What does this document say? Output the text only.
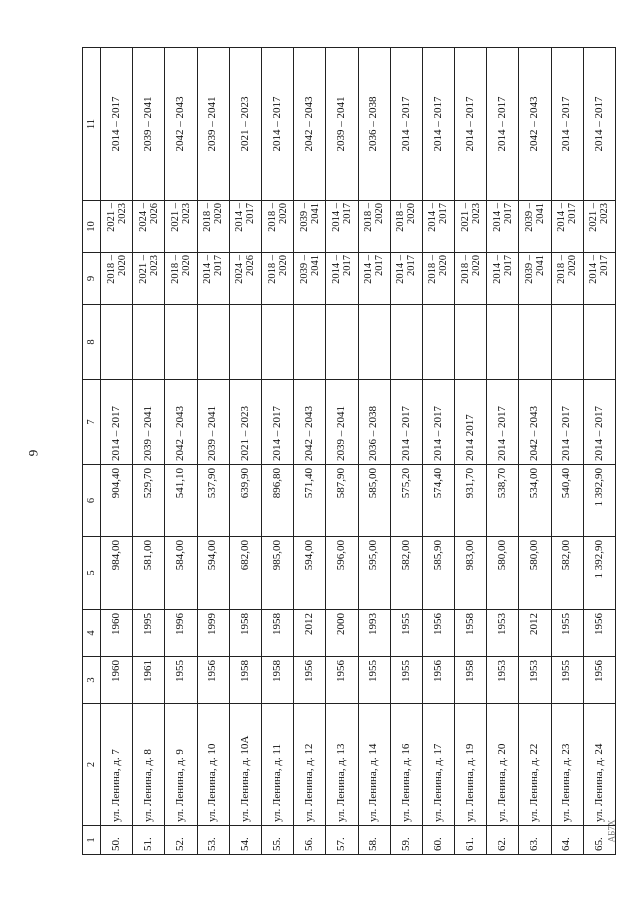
9
АБ7Х
1	2	3	4	5	6	7	8	9	10	11
50.	ул. Ленина, д. 7	1960	1960	984,00	904,40	2014 – 2017		2018 – 2020	2021 – 2023	2014 – 2017
51.	ул. Ленина, д. 8	1961	1995	581,00	529,70	2039 – 2041		2021 – 2023	2024 – 2026	2039 – 2041
52.	ул. Ленина, д. 9	1955	1996	584,00	541,10	2042 – 2043		2018 – 2020	2021 – 2023	2042 – 2043
53.	ул. Ленина, д. 10	1956	1999	594,00	537,90	2039 – 2041		2014 – 2017	2018 – 2020	2039 – 2041
54.	ул. Ленина, д. 10А	1958	1958	682,00	639,90	2021 – 2023		2024 – 2026	2014 – 2017	2021 – 2023
55.	ул. Ленина, д. 11	1958	1958	985,00	896,80	2014 – 2017		2018 – 2020	2018 – 2020	2014 – 2017
56.	ул. Ленина, д. 12	1956	2012	594,00	571,40	2042 – 2043		2039 – 2041	2039 – 2041	2042 – 2043
57.	ул. Ленина, д. 13	1956	2000	596,00	587,90	2039 – 2041		2014 – 2017	2014 – 2017	2039 – 2041
58.	ул. Ленина, д. 14	1955	1993	595,00	585,00	2036 – 2038		2014 – 2017	2018 – 2020	2036 – 2038
59.	ул. Ленина, д. 16	1955	1955	582,00	575,20	2014 – 2017		2014 – 2017	2018 – 2020	2014 – 2017
60.	ул. Ленина, д. 17	1956	1956	585,90	574,40	2014 – 2017		2018 – 2020	2014 – 2017	2014 – 2017
61.	ул. Ленина, д. 19	1958	1958	983,00	931,70	2014 2017		2018 – 2020	2021 – 2023	2014 – 2017
62.	ул. Ленина, д. 20	1953	1953	580,00	538,70	2014 – 2017		2014 – 2017	2014 – 2017	2014 – 2017
63.	ул. Ленина, д. 22	1953	2012	580,00	534,00	2042 – 2043		2039 – 2041	2039 – 2041	2042 – 2043
64.	ул. Ленина, д. 23	1955	1955	582,00	540,40	2014 – 2017		2018 – 2020	2014 – 2017	2014 – 2017
65.	ул. Ленина, д. 24	1956	1956	1 392,90	1 392,90	2014 – 2017		2014 – 2017	2021 – 2023	2014 – 2017
